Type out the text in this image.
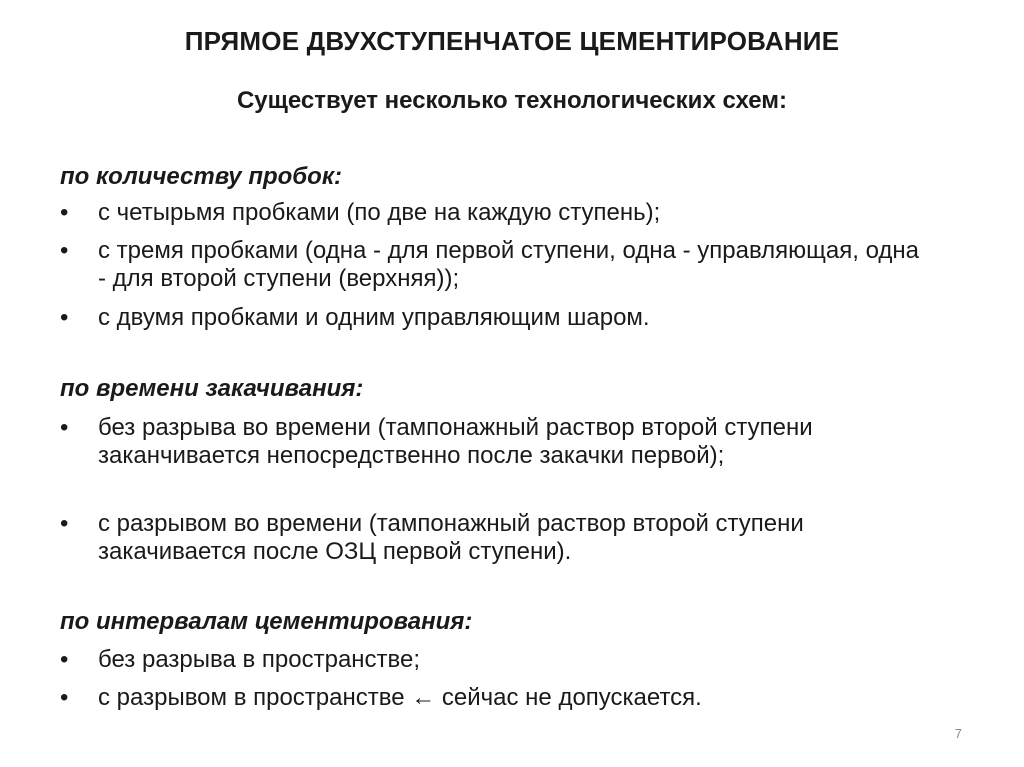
ПРЯМОЕ ДВУХСТУПЕНЧАТОЕ ЦЕМЕНТИРОВАНИЕ
Существует несколько технологических схем:
по количеству пробок:
• с четырьмя пробками (по две на каждую ступень);
• с тремя пробками (одна - для первой ступени, одна - управляющая, одна - для второй ступени (верхняя));
• с двумя пробками и одним управляющим шаром.
по времени закачивания:
• без разрыва во времени (тампонажный раствор второй ступени заканчивается непосредственно после закачки первой);
• с разрывом во времени (тампонажный раствор второй ступени закачивается после ОЗЦ первой ступени).
по интервалам цементирования:
• без разрыва в пространстве;
• с разрывом в пространстве ← сейчас не допускается.
7
